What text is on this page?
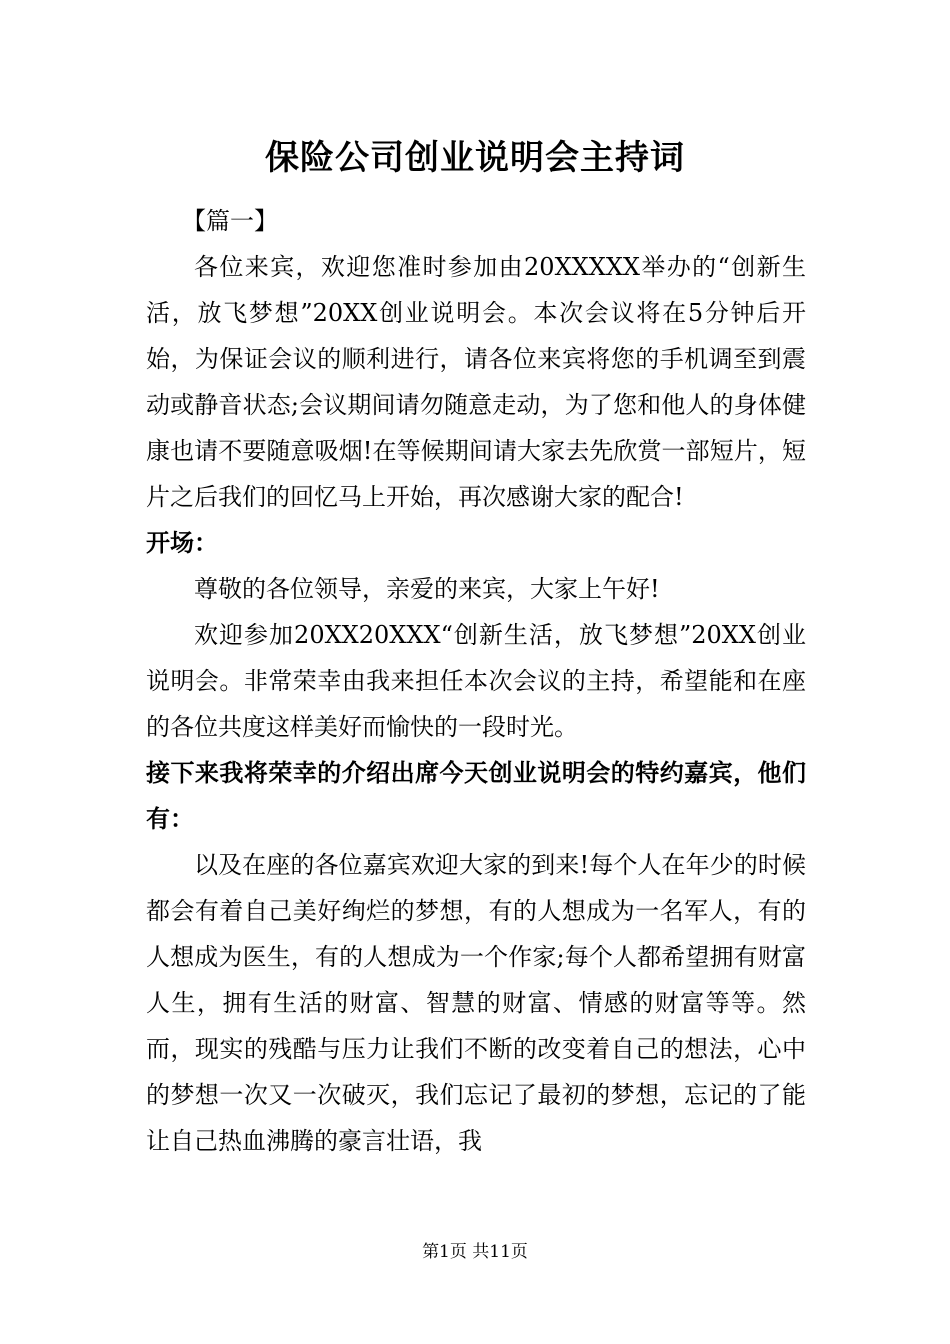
保险公司创业说明会主持词

【篇一】

各位来宾，欢迎您准时参加由20XXXXX举办的“创新生活，放飞梦想”20XX创业说明会。本次会议将在5分钟后开始，为保证会议的顺利进行，请各位来宾将您的手机调至到震动或静音状态;会议期间请勿随意走动，为了您和他人的身体健康也请不要随意吸烟!在等候期间请大家去先欣赏一部短片，短片之后我们的回忆马上开始，再次感谢大家的配合!

开场：

尊敬的各位领导，亲爱的来宾，大家上午好!

欢迎参加20XX20XXX“创新生活，放飞梦想”20XX创业说明会。非常荣幸由我来担任本次会议的主持，希望能和在座的各位共度这样美好而愉快的一段时光。

接下来我将荣幸的介绍出席今天创业说明会的特约嘉宾，他们有：

以及在座的各位嘉宾欢迎大家的到来!每个人在年少的时候都会有着自己美好绚烂的梦想，有的人想成为一名军人，有的人想成为医生，有的人想成为一个作家;每个人都希望拥有财富人生，拥有生活的财富、智慧的财富、情感的财富等等。然而，现实的残酷与压力让我们不断的改变着自己的想法，心中的梦想一次又一次破灭，我们忘记了最初的梦想，忘记的了能让自己热血沸腾的豪言壮语，我

第1页 共11页
